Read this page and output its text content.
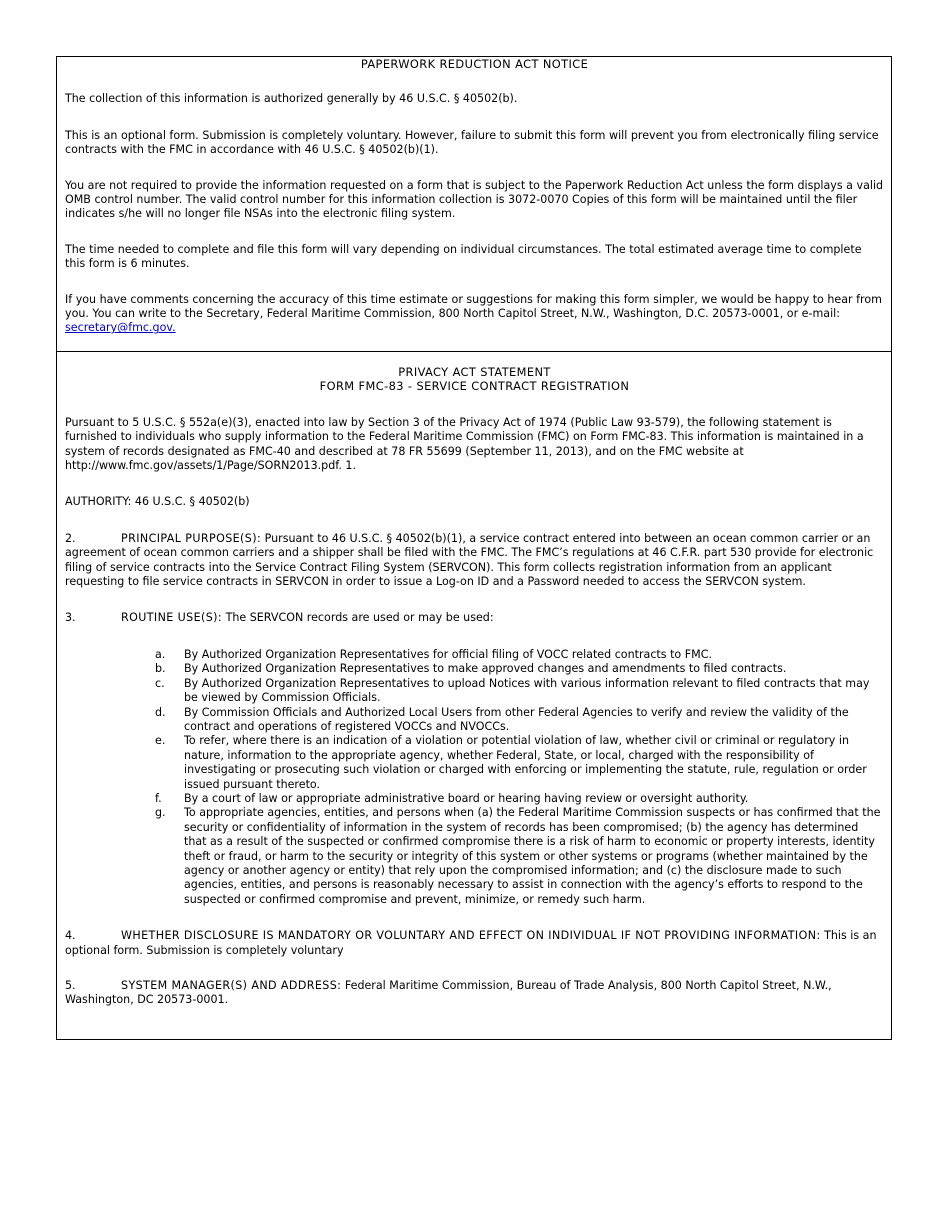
PAPERWORK REDUCTION ACT NOTICE

The collection of this information is authorized generally by 46 U.S.C. § 40502(b).

This is an optional form. Submission is completely voluntary. However, failure to submit this form will prevent you from electronically filing service contracts with the FMC in accordance with 46 U.S.C. § 40502(b)(1).

You are not required to provide the information requested on a form that is subject to the Paperwork Reduction Act unless the form displays a valid OMB control number. The valid control number for this information collection is 3072-0070 Copies of this form will be maintained until the filer indicates s/he will no longer file NSAs into the electronic filing system.

The time needed to complete and file this form will vary depending on individual circumstances. The total estimated average time to complete this form is 6 minutes.

If you have comments concerning the accuracy of this time estimate or suggestions for making this form simpler, we would be happy to hear from you. You can write to the Secretary, Federal Maritime Commission, 800 North Capitol Street, N.W., Washington, D.C. 20573-0001, or e-mail:
secretary@fmc.gov.

PRIVACY ACT STATEMENT

FORM FMC-83 - SERVICE CONTRACT REGISTRATION

Pursuant to 5 U.S.C. § 552a(e)(3), enacted into law by Section 3 of the Privacy Act of 1974 (Public Law 93-579), the following statement is furnished to individuals who supply information to the Federal Maritime Commission (FMC) on Form FMC-83. This information is maintained in a system of records designated as FMC-40 and described at 78 FR 55699 (September 11, 2013), and on the FMC website at http://www.fmc.gov/assets/1/Page/SORN2013.pdf. 1.

AUTHORITY: 46 U.S.C. § 40502(b)

2.	PRINCIPAL PURPOSE(S): Pursuant to 46 U.S.C. § 40502(b)(1), a service contract entered into between an ocean common carrier or an agreement of ocean common carriers and a shipper shall be filed with the FMC. The FMC’s regulations at 46 C.F.R. part 530 provide for electronic filing of service contracts into the Service Contract Filing System (SERVCON). This form collects registration information from an applicant requesting to file service contracts in SERVCON in order to issue a Log-on ID and a Password needed to access the SERVCON system.

3.	ROUTINE USE(S): The SERVCON records are used or may be used:

a. By Authorized Organization Representatives for official filing of VOCC related contracts to FMC.
b. By Authorized Organization Representatives to make approved changes and amendments to filed contracts.
c. By Authorized Organization Representatives to upload Notices with various information relevant to filed contracts that may be viewed by Commission Officials.
d. By Commission Officials and Authorized Local Users from other Federal Agencies to verify and review the validity of the contract and operations of registered VOCCs and NVOCCs.
e. To refer, where there is an indication of a violation or potential violation of law, whether civil or criminal or regulatory in nature, information to the appropriate agency, whether Federal, State, or local, charged with the responsibility of investigating or prosecuting such violation or charged with enforcing or implementing the statute, rule, regulation or order issued pursuant thereto.
f. By a court of law or appropriate administrative board or hearing having review or oversight authority.
g. To appropriate agencies, entities, and persons when (a) the Federal Maritime Commission suspects or has confirmed that the security or confidentiality of information in the system of records has been compromised; (b) the agency has determined that as a result of the suspected or confirmed compromise there is a risk of harm to economic or property interests, identity theft or fraud, or harm to the security or integrity of this system or other systems or programs (whether maintained by the agency or another agency or entity) that rely upon the compromised information; and (c) the disclosure made to such agencies, entities, and persons is reasonably necessary to assist in connection with the agency’s efforts to respond to the suspected or confirmed compromise and prevent, minimize, or remedy such harm.

4.	WHETHER DISCLOSURE IS MANDATORY OR VOLUNTARY AND EFFECT ON INDIVIDUAL IF NOT PROVIDING INFORMATION: This is an optional form. Submission is completely voluntary

5.	SYSTEM MANAGER(S) AND ADDRESS: Federal Maritime Commission, Bureau of Trade Analysis, 800 North Capitol Street, N.W., Washington, DC 20573-0001.
